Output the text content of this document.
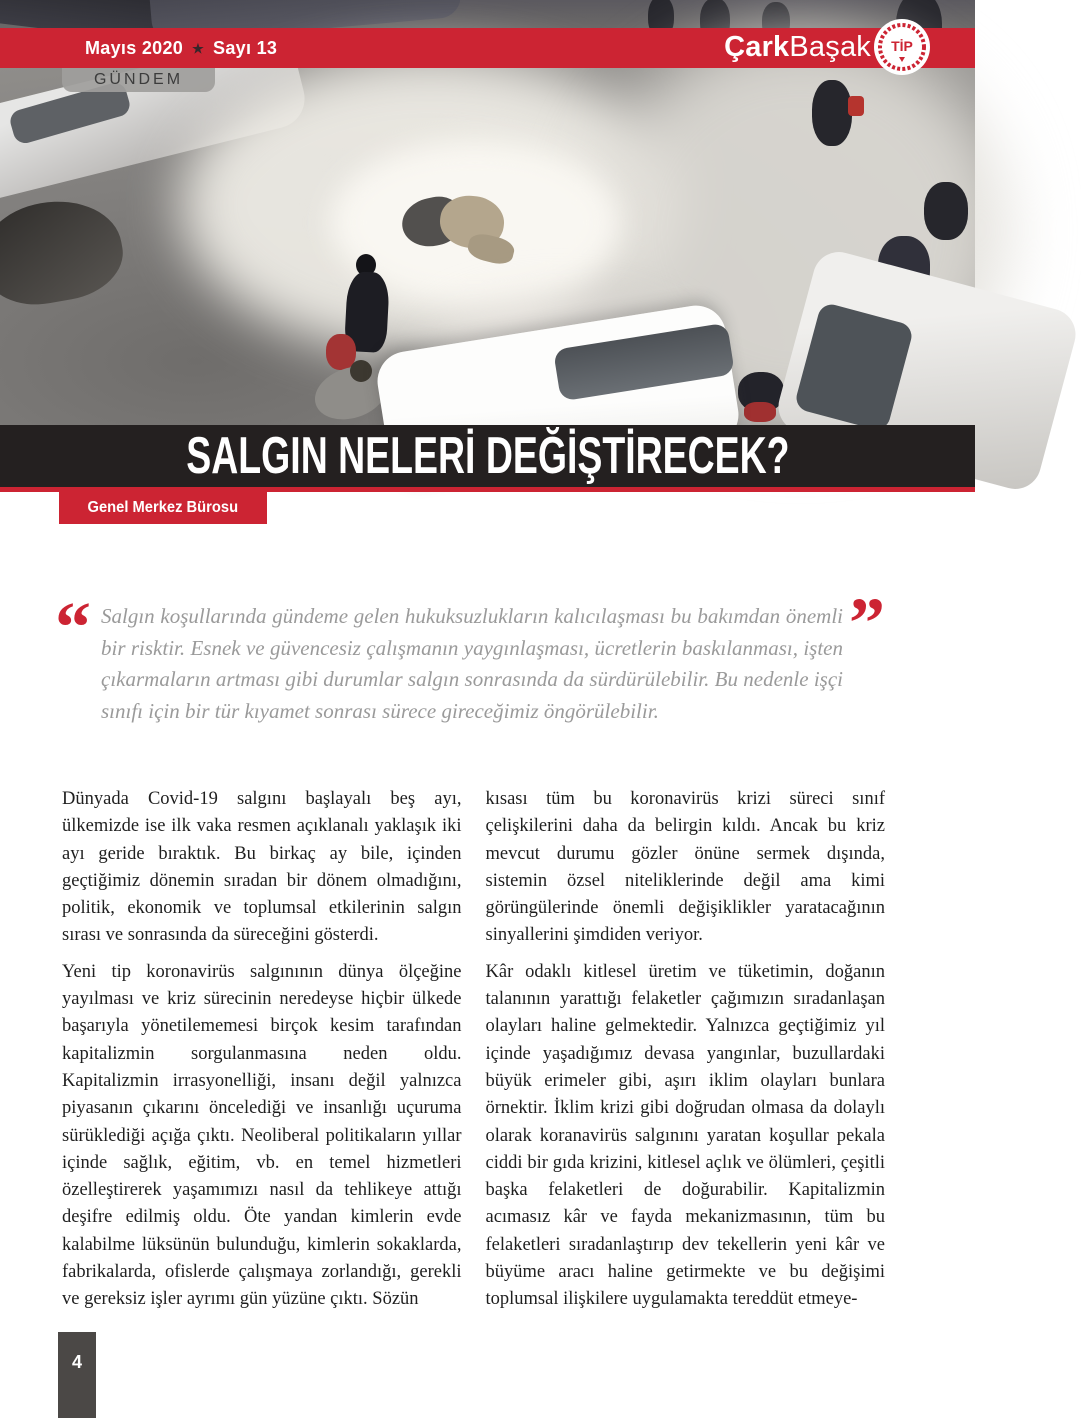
Mayıs 2020 ★ Sayı 13	ÇarkBaşak TİP
GÜNDEM
SALGIN NELERİ DEĞİŞTİRECEK?
Genel Merkez Bürosu
“ Salgın koşullarında gündeme gelen hukuksuzlukların kalıcılaşması bu bakımdan önemli bir risktir. Esnek ve güvencesiz çalışmanın yaygınlaşması, ücretlerin baskılanması, işten çıkarmaların artması gibi durumlar salgın sonrasında da sürdürülebilir. Bu nedenle işçi sınıfı için bir tür kıyamet sonrası sürece gireceğimiz öngörülebilir.

”

Dünyada Covid-19 salgını başlayalı beş ayı, ülkemizde ise ilk vaka resmen açıklanalı yaklaşık iki ayı geride bıraktık. Bu birkaç ay bile, içinden geçtiğimiz dönemin sıradan bir dönem olmadığını, politik, ekonomik ve toplumsal etkilerinin salgın sırası ve sonrasında da süreceğini gösterdi.

Yeni tip koronavirüs salgınının dünya ölçeğine yayılması ve kriz sürecinin neredeyse hiçbir ülkede başarıyla yönetilememesi birçok kesim tarafından kapitalizmin sorgulanmasına neden oldu. Kapitalizmin irrasyonelliği, insanı değil yalnızca piyasanın çıkarını öncelediği ve insanlığı uçuruma sürüklediği açığa çıktı. Neoliberal politikaların yıllar içinde sağlık, eğitim, vb. en temel hizmetleri özelleştirerek yaşamımızı nasıl da tehlikeye attığı deşifre edilmiş oldu. Öte yandan kimlerin evde kalabilme lüksünün bulunduğu, kimlerin sokaklarda, fabrikalarda, ofislerde çalışmaya zorlandığı, gerekli ve gereksiz işler ayrımı gün yüzüne çıktı. Sözün

kısası tüm bu koronavirüs krizi süreci sınıf çelişkilerini daha da belirgin kıldı. Ancak bu kriz mevcut durumu gözler önüne sermek dışında, sistemin özsel niteliklerinde değil ama kimi görüngülerinde önemli değişiklikler yaratacağının sinyallerini şimdiden veriyor.

Kâr odaklı kitlesel üretim ve tüketimin, doğanın talanının yarattığı felaketler çağımızın sıradanlaşan olayları haline gelmektedir. Yalnızca geçtiğimiz yıl içinde yaşadığımız devasa yangınlar, buzullardaki büyük erimeler gibi, aşırı iklim olayları bunlara örnektir. İklim krizi gibi doğrudan olmasa da dolaylı olarak koranavirüs salgınını yaratan koşullar pekala ciddi bir gıda krizini, kitlesel açlık ve ölümleri, çeşitli başka felaketleri de doğurabilir. Kapitalizmin acımasız kâr ve fayda mekanizmasının, tüm bu felaketleri sıradanlaştırıp dev tekellerin yeni kâr ve büyüme aracı haline getirmekte ve bu değişimi toplumsal ilişkilere uygulamakta tereddüt etmeye-

4
